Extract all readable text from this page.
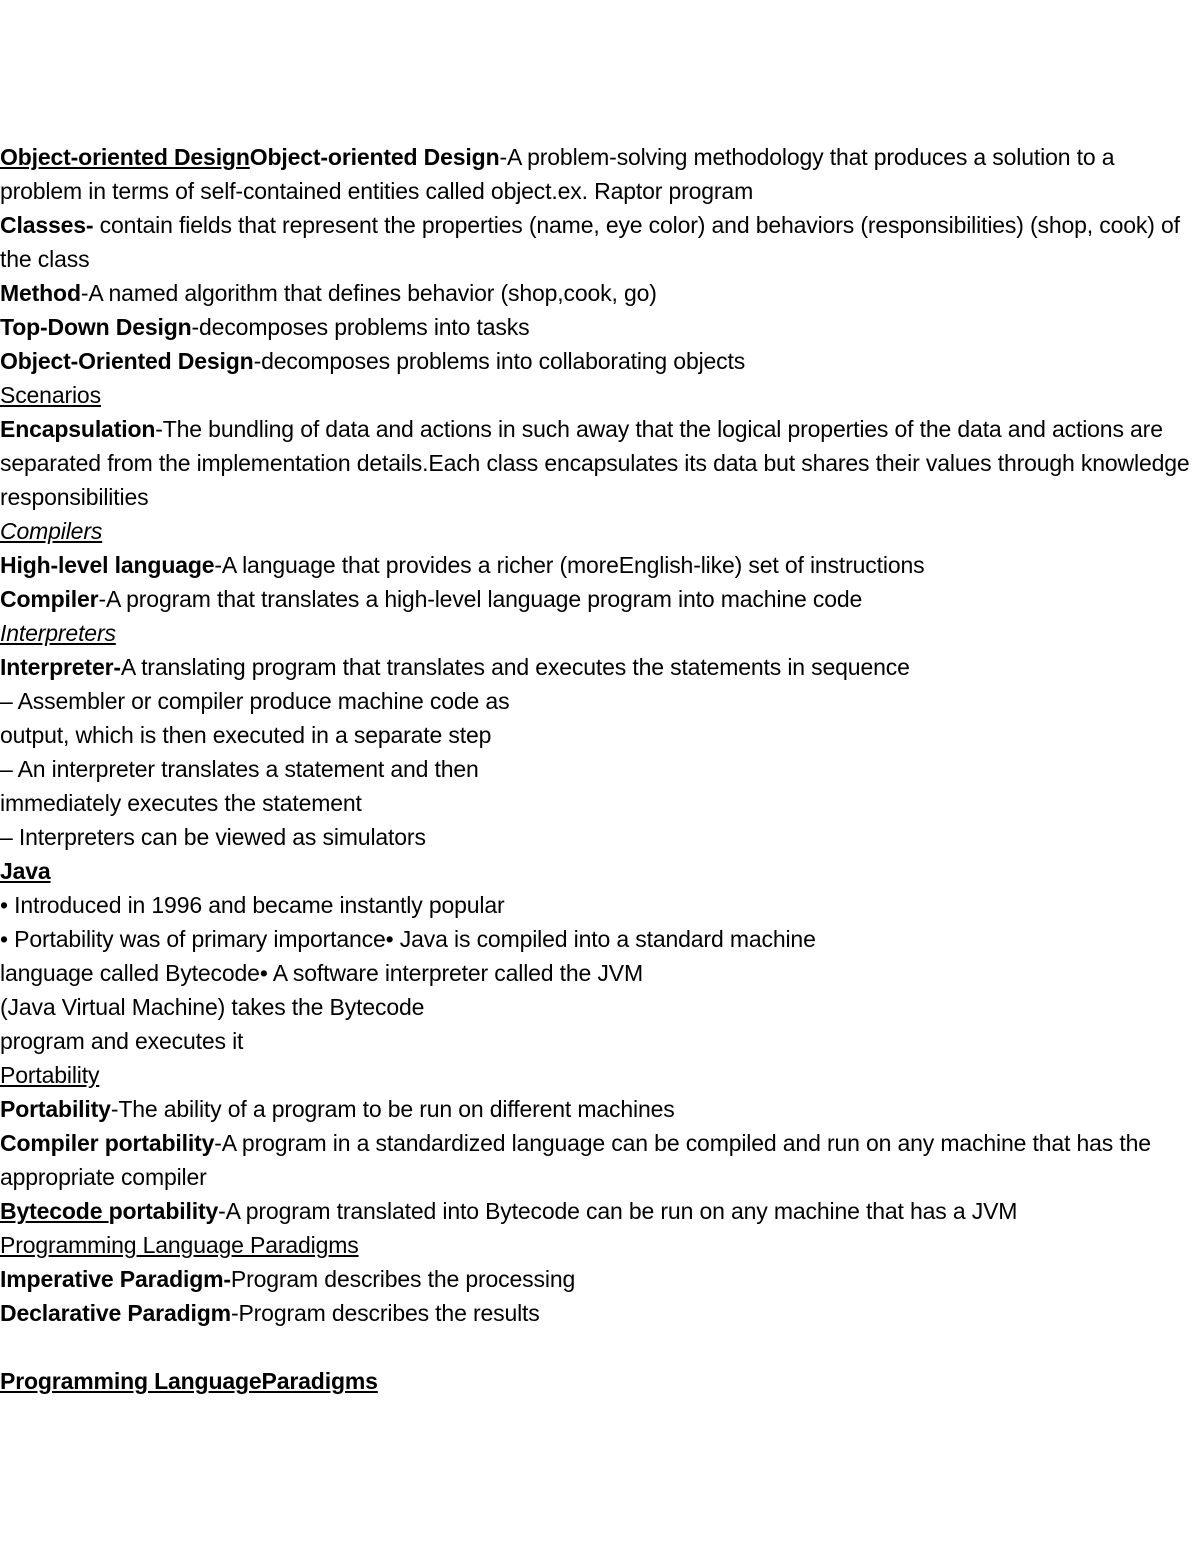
Object-oriented DesignObject-oriented Design-A problem-solving methodology that produces a solution to a problem in terms of self-contained entities called object.ex. Raptor program
Classes- contain fields that represent the properties (name, eye color) and behaviors (responsibilities) (shop, cook) of the class
Method-A named algorithm that defines behavior (shop,cook, go)
Top-Down Design-decomposes problems into tasks
Object-Oriented Design-decomposes problems into collaborating objects
Scenarios
Encapsulation-The bundling of data and actions in such away that the logical properties of the data and actions are separated from the implementation details.Each class encapsulates its data but shares their values through knowledge responsibilities
Compilers
High-level language-A language that provides a richer (moreEnglish-like) set of instructions
Compiler-A program that translates a high-level language program into machine code
Interpreters
Interpreter-A translating program that translates and executes the statements in sequence
– Assembler or compiler produce machine code as
output, which is then executed in a separate step
– An interpreter translates a statement and then
immediately executes the statement
– Interpreters can be viewed as simulators
Java
• Introduced in 1996 and became instantly popular
• Portability was of primary importance• Java is compiled into a standard machine
language called Bytecode• A software interpreter called the JVM
(Java Virtual Machine) takes the Bytecode
program and executes it
Portability
Portability-The ability of a program to be run on different machines
Compiler portability-A program in a standardized language can be compiled and run on any machine that has the appropriate compiler
Bytecode portability-A program translated into Bytecode can be run on any machine that has a JVM
Programming Language Paradigms
Imperative Paradigm-Program describes the processing
Declarative Paradigm-Program describes the results
Programming LanguageParadigms
